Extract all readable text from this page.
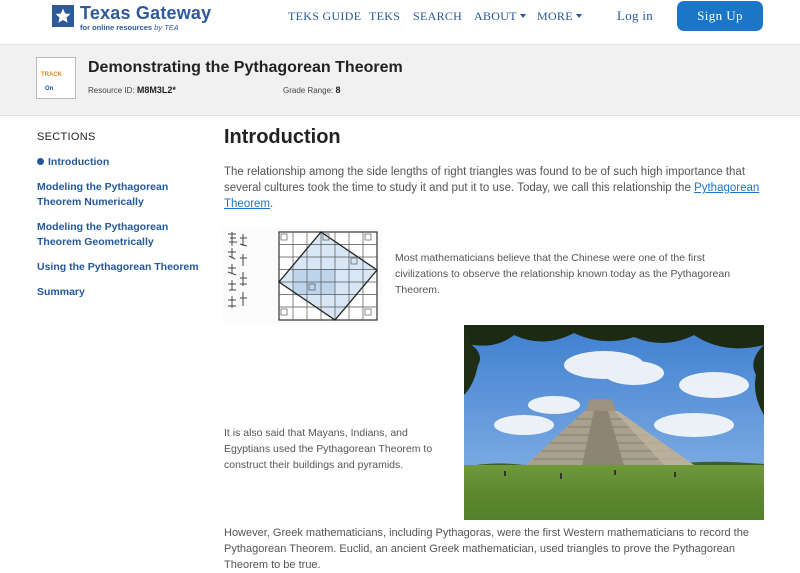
Texas Gateway
for online resources by TEA
TEKS GUIDE TEKS SEARCH ABOUT	MORE	Log in	Sign Up
On
TRACK Demonstrating the Pythagorean Theorem
Resource ID: M8M3L2*	Grade Range: 8
SECTIONS
Introduction
Modeling the Pythagorean Theorem Numerically
Modeling the Pythagorean Theorem Geometrically
Using the Pythagorean Theorem
Summary
Introduction
The relationship among the side lengths of right triangles was found to be of such high importance that several cultures took the time to study it and put it to use. Today, we call this relationship the Pythagorean Theorem.
Most mathematicians believe that the Chinese were one of the first civilizations to observe the relationship known today as the Pythagorean Theorem.
It is also said that Mayans, Indians, and Egyptians used the Pythagorean Theorem to construct their buildings and pyramids.
However, Greek mathematicians, including Pythagoras, were the first Western mathematicians to record the Pythagorean Theorem. Euclid, an ancient Greek mathematician, used triangles to prove the Pythagorean Theorem to be true.
